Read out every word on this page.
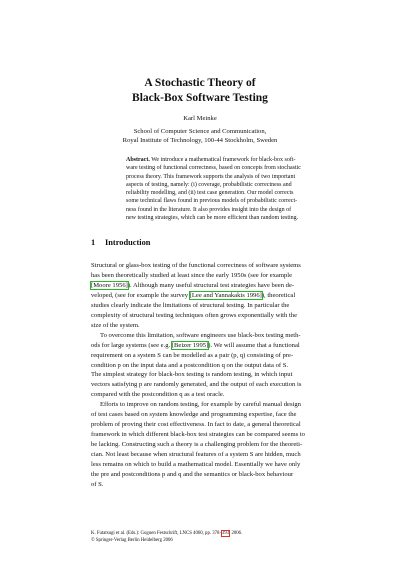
A Stochastic Theory of
Black-Box Software Testing
Karl Meinke
School of Computer Science and Communication,
Royal Institute of Technology, 100-44 Stockholm, Sweden
Abstract. We introduce a mathematical framework for black-box soft-
ware testing of functional correctness, based on concepts from stochastic
process theory. This framework supports the analysis of two important
aspects of testing, namely: (i) coverage, probabilistic correctness and
reliability modelling, and (ii) test case generation. Our model corrects
some technical flaws found in previous models of probabilistic correct-
ness found in the literature. It also provides insight into the design of
new testing strategies, which can be more efficient than random testing.
1 Introduction
Structural or glass-box testing of the functional correctness of software systems
has been theoretically studied at least since the early 1950s (see for example
[Moore 1956]). Although many useful structural test strategies have been de-
veloped, (see for example the survey [Lee and Yannakakis 1996]), theoretical
studies clearly indicate the limitations of structural testing. In particular the
complexity of structural testing techniques often grows exponentially with the
size of the system.
To overcome this limitation, software engineers use black-box testing meth-
ods for large systems (see e.g. [Beizer 1995]). We will assume that a functional
requirement on a system S can be modelled as a pair (p, q) consisting of pre-
condition p on the input data and a postcondition q on the output data of S.
The simplest strategy for black-box testing is random testing, in which input
vectors satisfying p are randomly generated, and the output of each execution is
compared with the postcondition q as a test oracle.
Efforts to improve on random testing, for example by careful manual design
of test cases based on system knowledge and programming expertise, face the
problem of proving their cost effectiveness. In fact to date, a general theoretical
framework in which different black-box test strategies can be compared seems to
be lacking. Constructing such a theory is a challenging problem for the theoreti-
cian. Not least because when structural features of a system S are hidden, much
less remains on which to build a mathematical model. Essentially we have only
the pre and postconditions p and q and the semantics or black-box behaviour
of S.
K. Futatsugi et al. (Eds.): Goguen Festschrift, LNCS 4060, pp. 378–393, 2006.
© Springer-Verlag Berlin Heidelberg 2006
